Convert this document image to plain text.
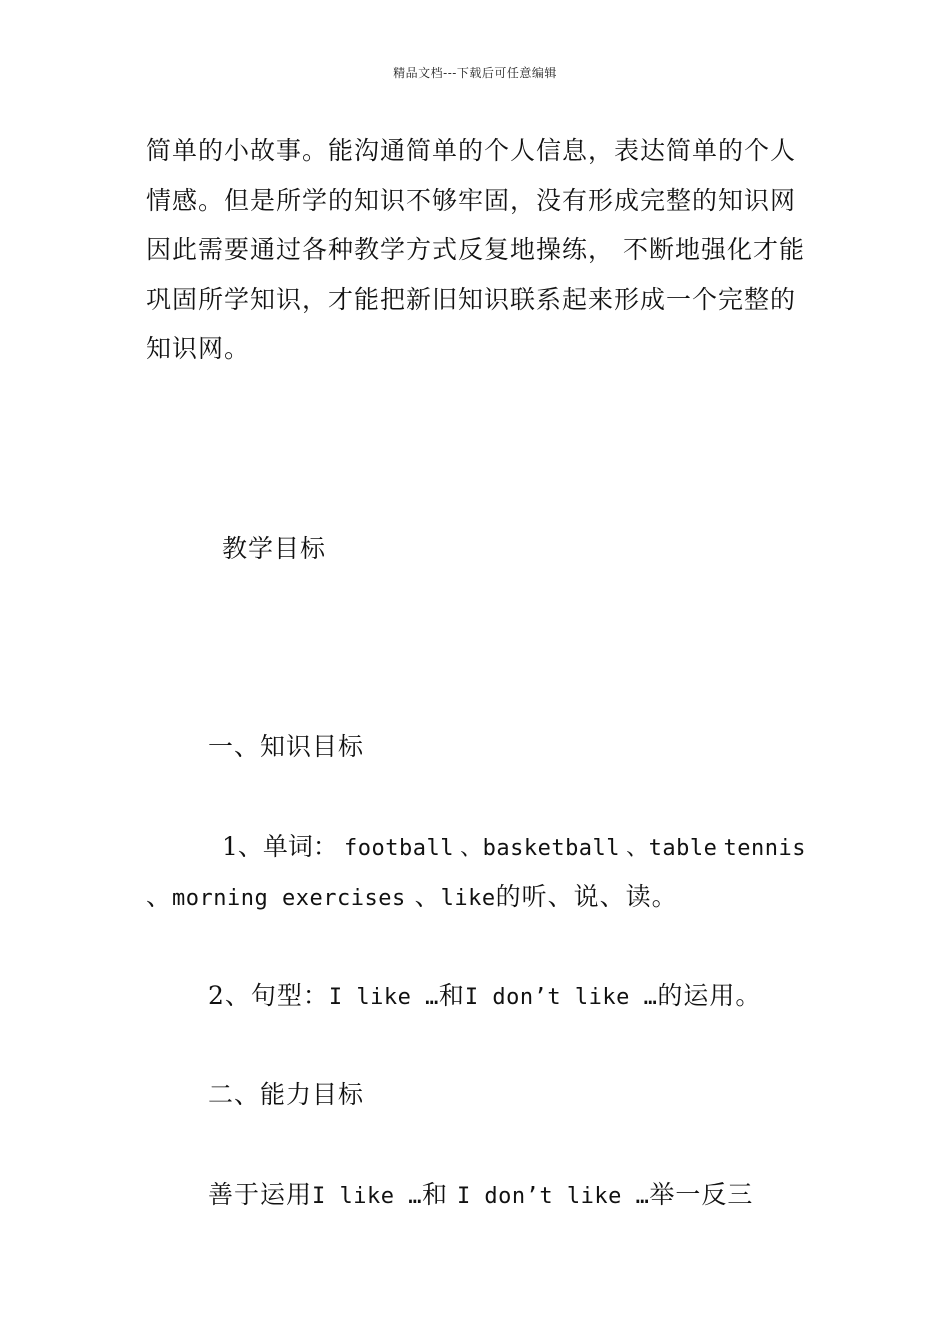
精品文档---下载后可任意编辑
简单的小故事。能沟通简单的个人信息，表达简单的个人
情感。但是所学的知识不够牢固，没有形成完整的知识网
因此需要通过各种教学方式反复地操练， 不断地强化才能
巩固所学知识，才能把新旧知识联系起来形成一个完整的
知识网。
教学目标
一、知识目标
1、单词： football 、basketball 、table tennis
、morning exercises 、like的听、说、读。
2、句型：I like …和I don’t like …的运用。
二、能力目标
善于运用I like …和 I don’t like …举一反三
